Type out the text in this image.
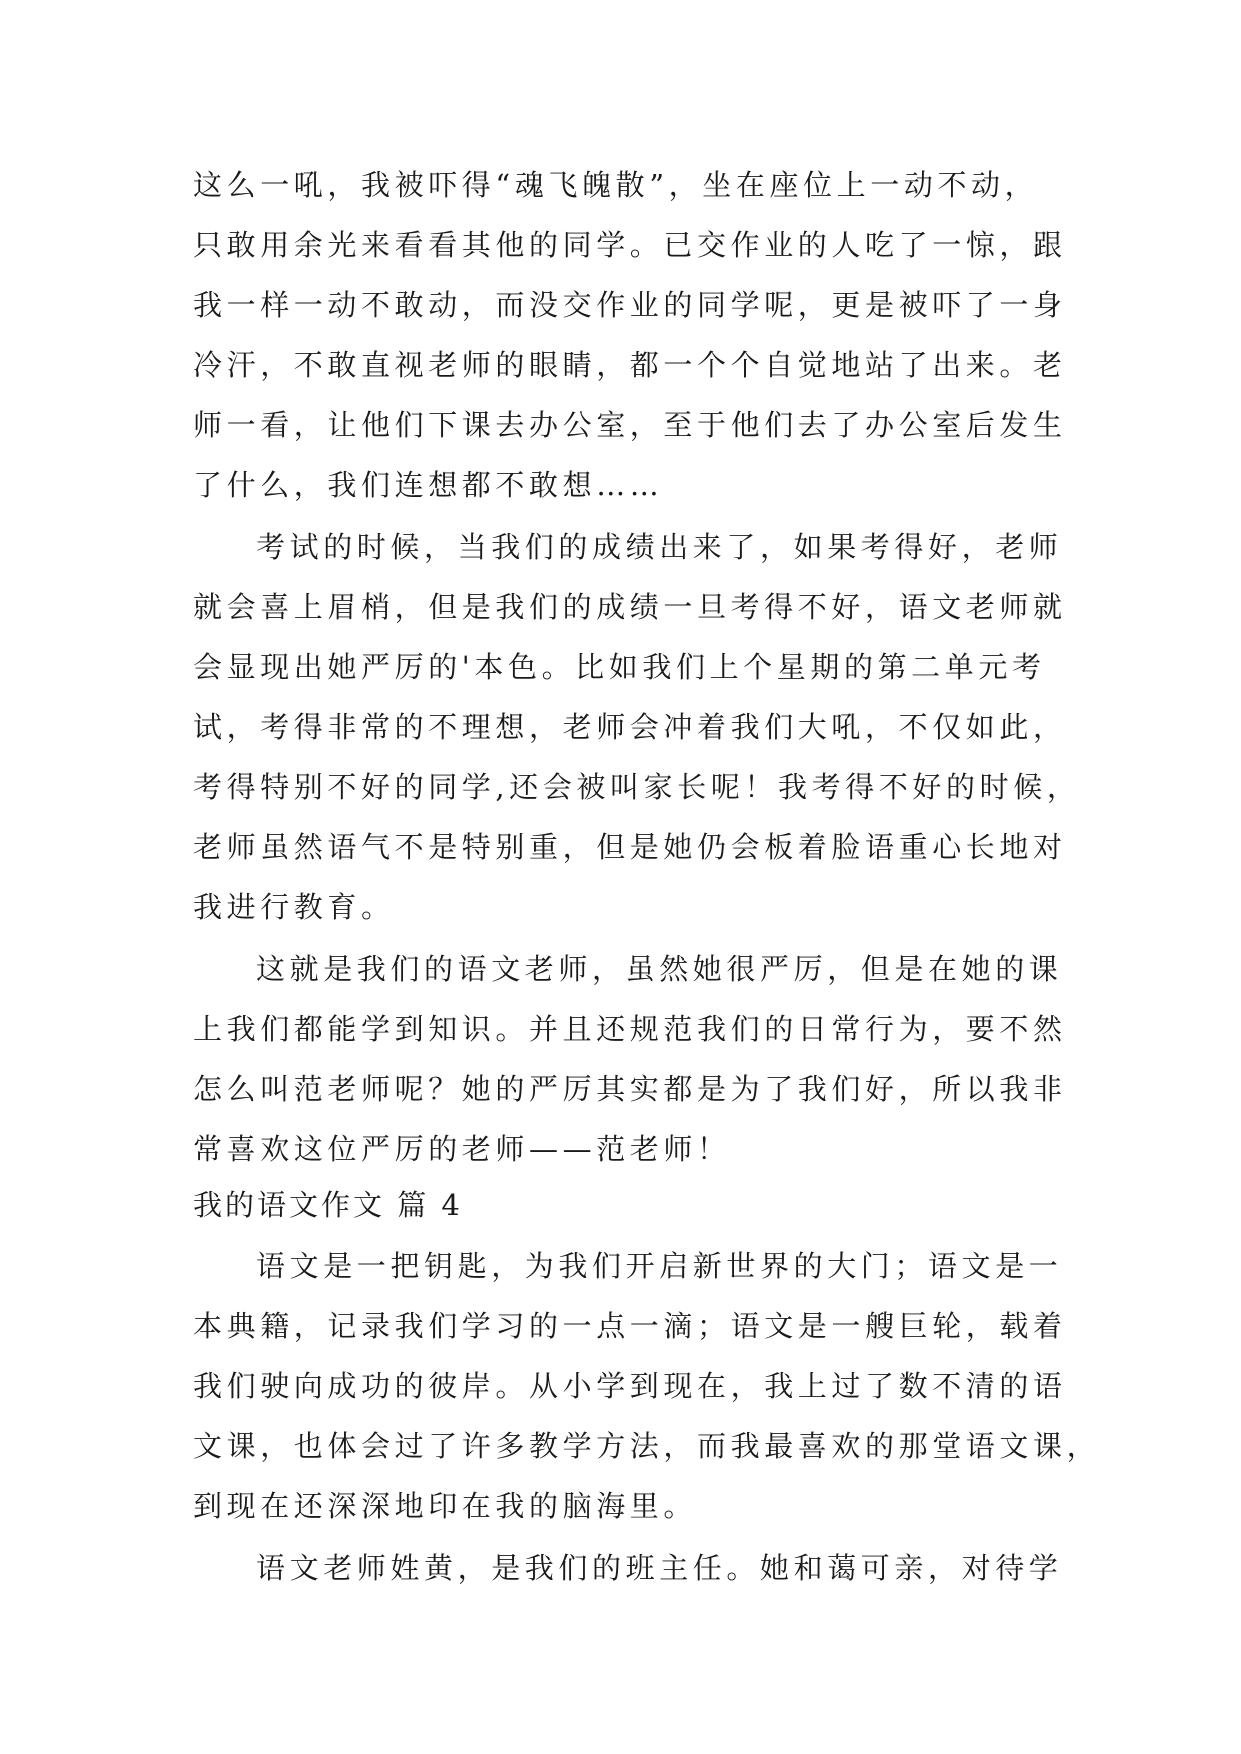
这么一吼，我被吓得“魂飞魄散”，坐在座位上一动不动，
只敢用余光来看看其他的同学。已交作业的人吃了一惊，跟
我一样一动不敢动，而没交作业的同学呢，更是被吓了一身
冷汗，不敢直视老师的眼睛，都一个个自觉地站了出来。老
师一看，让他们下课去办公室，至于他们去了办公室后发生
了什么，我们连想都不敢想……
考试的时候，当我们的成绩出来了，如果考得好，老师
就会喜上眉梢，但是我们的成绩一旦考得不好，语文老师就
会显现出她严厉的'本色。比如我们上个星期的第二单元考
试，考得非常的不理想，老师会冲着我们大吼，不仅如此，
考得特别不好的同学,还会被叫家长呢！我考得不好的时候，
老师虽然语气不是特别重，但是她仍会板着脸语重心长地对
我进行教育。
这就是我们的语文老师，虽然她很严厉，但是在她的课
上我们都能学到知识。并且还规范我们的日常行为，要不然
怎么叫范老师呢？她的严厉其实都是为了我们好，所以我非
常喜欢这位严厉的老师——范老师！
我的语文作文 篇 4
语文是一把钥匙，为我们开启新世界的大门；语文是一
本典籍，记录我们学习的一点一滴；语文是一艘巨轮，载着
我们驶向成功的彼岸。从小学到现在，我上过了数不清的语
文课，也体会过了许多教学方法，而我最喜欢的那堂语文课，
到现在还深深地印在我的脑海里。
语文老师姓黄，是我们的班主任。她和蔼可亲，对待学
